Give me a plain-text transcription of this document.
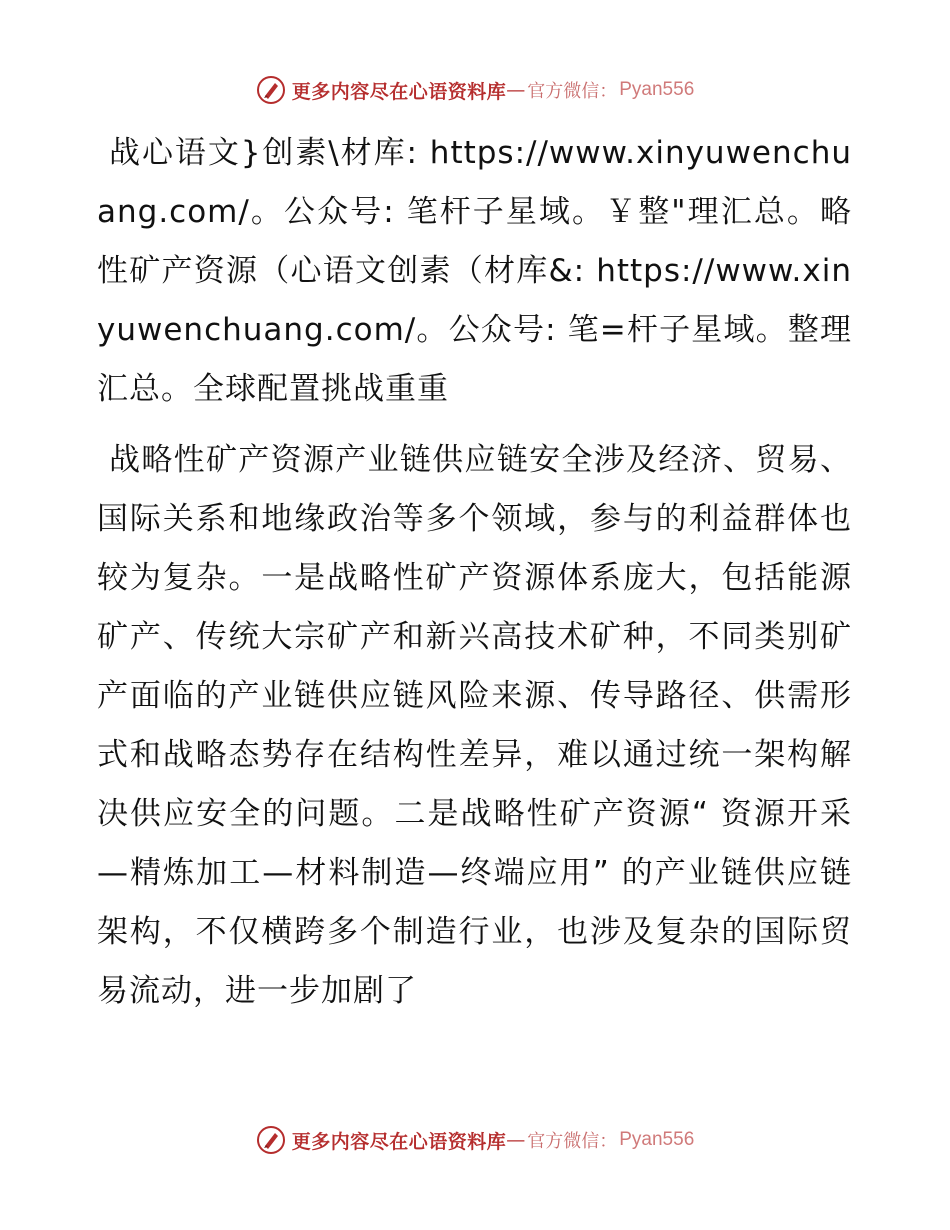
更多内容尽在心语资料库 — 官方微信： Pyan556

战心语文}创素\材库: https://www.xinyuwenchuang.com/。公众号: 笔杆子星域。￥整"理汇总。略性矿产资源（心语文创素（材库&: https://www.xinyuwenchuang.com/。公众号: 笔=杆子星域。整理汇总。全球配置挑战重重

战略性矿产资源产业链供应链安全涉及经济、贸易、国际关系和地缘政治等多个领域，参与的利益群体也较为复杂。一是战略性矿产资源体系庞大，包括能源矿产、传统大宗矿产和新兴高技术矿种，不同类别矿产面临的产业链供应链风险来源、传导路径、供需形式和战略态势存在结构性差异，难以通过统一架构解决供应安全的问题。二是战略性矿产资源“ 资源开采—精炼加工—材料制造—终端应用” 的产业链供应链架构，不仅横跨多个制造行业，也涉及复杂的国际贸易流动，进一步加剧了

更多内容尽在心语资料库 — 官方微信： Pyan556
